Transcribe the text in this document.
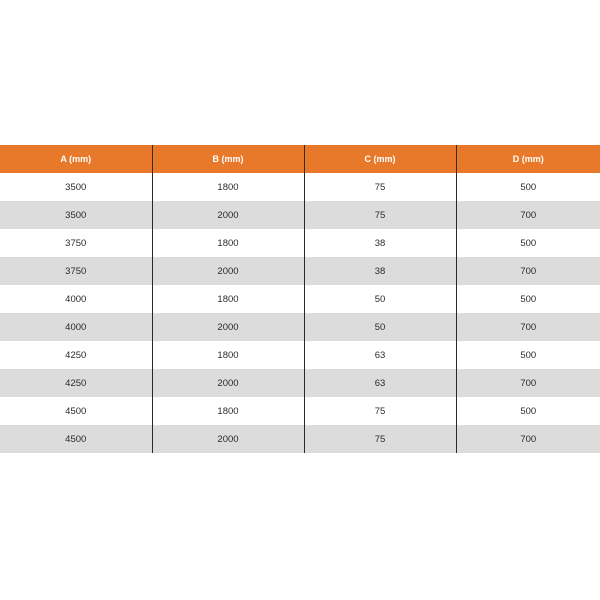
A (mm)	B (mm)	C (mm)	D (mm)
3500	1800	75	500
3500	2000	75	700
3750	1800	38	500
3750	2000	38	700
4000	1800	50	500
4000	2000	50	700
4250	1800	63	500
4250	2000	63	700
4500	1800	75	500
4500	2000	75	700
